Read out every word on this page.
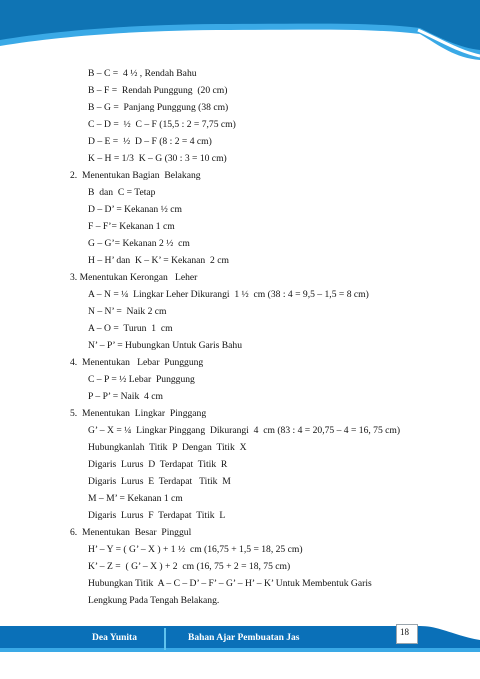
B – C =  4 ½ , Rendah Bahu
B – F =  Rendah Punggung  (20 cm)
B – G =  Panjang Punggung (38 cm)
C – D =  ½  C – F (15,5 : 2 = 7,75 cm)
D – E =  ½  D – F (8 : 2 = 4 cm)
K – H = 1/3  K – G (30 : 3 = 10 cm)
2.  Menentukan Bagian  Belakang
B  dan  C = Tetap
D – D’ = Kekanan ½ cm
F – F’= Kekanan 1 cm
G – G’= Kekanan 2 ½  cm
H – H’ dan  K – K’ = Kekanan  2 cm
3. Menentukan Kerongan   Leher
A – N = ¼  Lingkar Leher Dikurangi  1 ½  cm (38 : 4 = 9,5 – 1,5 = 8 cm)
N – N’ =  Naik 2 cm
A – O =  Turun  1  cm
N’ – P’ = Hubungkan Untuk Garis Bahu
4.  Menentukan   Lebar  Punggung
C – P = ½ Lebar  Punggung
P – P’ = Naik  4 cm
5.  Menentukan  Lingkar  Pinggang
G’ – X = ¼  Lingkar Pinggang  Dikurangi  4  cm (83 : 4 = 20,75 – 4 = 16, 75 cm)
Hubungkanlah  Titik  P  Dengan  Titik  X
Digaris  Lurus  D  Terdapat  Titik  R
Digaris  Lurus  E  Terdapat   Titik  M
M – M’ = Kekanan 1 cm
Digaris  Lurus  F  Terdapat  Titik  L
6.  Menentukan  Besar  Pinggul
H’ – Y = ( G’ – X ) + 1 ½  cm (16,75 + 1,5 = 18, 25 cm)
K’ – Z =  ( G’ – X ) + 2  cm (16, 75 + 2 = 18, 75 cm)
Hubungkan Titik  A – C – D’ – F’ – G’ – H’ – K’ Untuk Membentuk Garis
Lengkung Pada Tengah Belakang.
Dea Yunita	Bahan Ajar Pembuatan Jas
18
